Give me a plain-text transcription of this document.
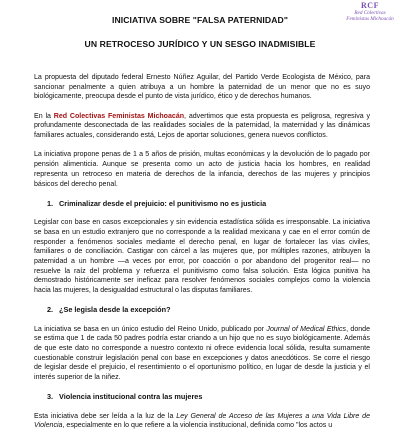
RCF
Red Colectivas Feministas Michoacán
INICIATIVA SOBRE "FALSA PATERNIDAD"
UN RETROCESO JURÍDICO Y UN SESGO INADMISIBLE

La propuesta del diputado federal Ernesto Núñez Aguilar, del Partido Verde Ecologista de México, para sancionar penalmente a quien atribuya a un hombre la paternidad de un menor que no es suyo biológicamente, preocupa desde el punto de vista jurídico, ético y de derechos humanos.

En la Red Colectivas Feministas Michoacán, advertimos que esta propuesta es peligrosa, regresiva y profundamente desconectada de las realidades sociales de la paternidad, la maternidad y las dinámicas familiares actuales, considerando está, Lejos de aportar soluciones, genera nuevos conflictos.

La iniciativa propone penas de 1 a 5 años de prisión, multas económicas y la devolución de lo pagado por pensión alimenticia. Aunque se presenta como un acto de justicia hacia los hombres, en realidad representa un retroceso en materia de derechos de la infancia, derechos de las mujeres y principios básicos del derecho penal.

1. Criminalizar desde el prejuicio: el punitivismo no es justicia

Legislar con base en casos excepcionales y sin evidencia estadística sólida es irresponsable. La iniciativa se basa en un estudio extranjero que no corresponde a la realidad mexicana y cae en el error común de responder a fenómenos sociales mediante el derecho penal, en lugar de fortalecer las vías civiles, familiares o de conciliación. Castigar con cárcel a las mujeres que, por múltiples razones, atribuyen la paternidad a un hombre —a veces por error, por coacción o por abandono del progenitor real— no resuelve la raíz del problema y refuerza el punitivismo como falsa solución. Esta lógica punitiva ha demostrado históricamente ser ineficaz para resolver fenómenos sociales complejos como la violencia hacia las mujeres, la desigualdad estructural o las disputas familiares.

2. ¿Se legisla desde la excepción?

La iniciativa se basa en un único estudio del Reino Unido, publicado por Journal of Medical Ethics, donde se estima que 1 de cada 50 padres podría estar criando a un hijo que no es suyo biológicamente. Además de que este dato no corresponde a nuestro contexto ni ofrece evidencia local sólida, resulta sumamente cuestionable construir legislación penal con base en excepciones y datos anecdóticos. Se corre el riesgo de legislar desde el prejuicio, el resentimiento o el oportunismo político, en lugar de desde la justicia y el interés superior de la niñez.

3. Violencia institucional contra las mujeres

Esta iniciativa debe ser leída a la luz de la Ley General de Acceso de las Mujeres a una Vida Libre de Violencia, especialmente en lo que refiere a la violencia institucional, definida como "los actos u
